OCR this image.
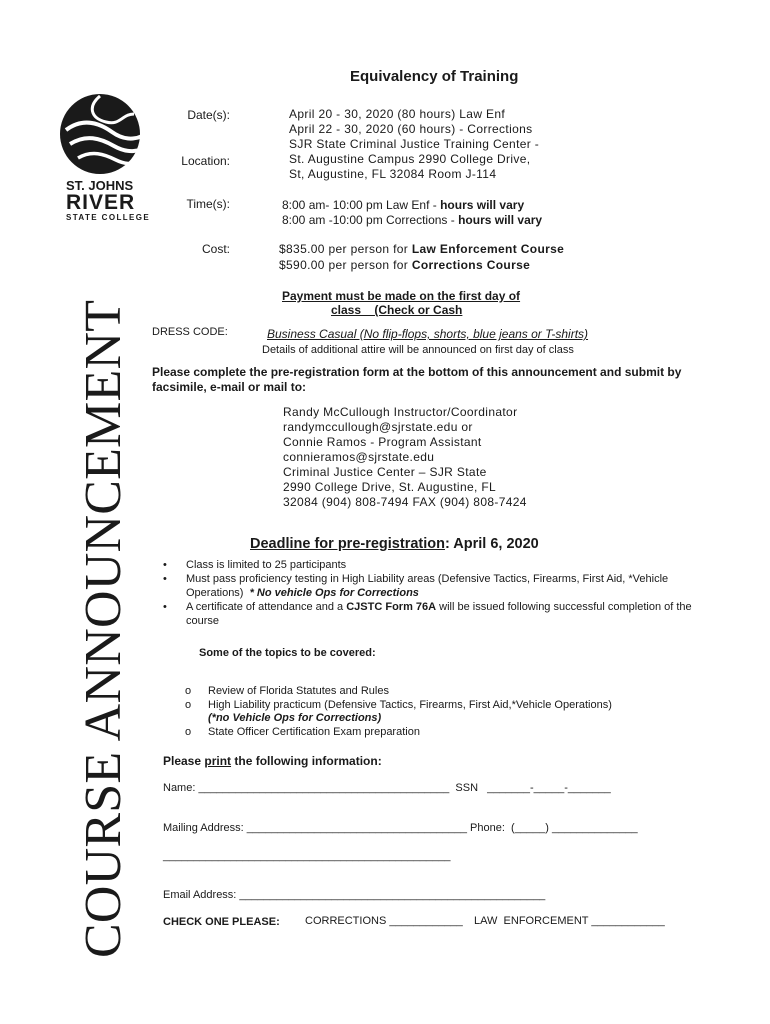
ST. JOHNS
RIVER
STATE COLLEGE
COURSE ANNOUNCEMENT
Equivalency of Training
Date(s):	April 20 - 30, 2020 (80 hours) Law Enf
April 22 - 30, 2020 (60 hours) - Corrections
SJR State Criminal Justice Training Center -
Location:	St. Augustine Campus 2990 College Drive,
St, Augustine, FL 32084 Room J-114
Time(s):	8:00 am- 10:00 pm Law Enf - hours will vary
8:00 am -10:00 pm Corrections - hours will vary
Cost:	$835.00 per person for Law Enforcement Course
$590.00 per person for Corrections Course
Payment must be made on the first day of
class    (Check or Cash
DRESS CODE:	Business Casual (No flip-flops, shorts, blue jeans or T-shirts)
Details of additional attire will be announced on first day of class
Please complete the pre-registration form at the bottom of this announcement and submit by
facsimile, e-mail or mail to:
Randy McCullough Instructor/Coordinator
randymccullough@sjrstate.edu or
Connie Ramos - Program Assistant
connieramos@sjrstate.edu
Criminal Justice Center – SJR State
2990 College Drive, St. Augustine, FL
32084 (904) 808-7494 FAX (904) 808-7424
Deadline for pre-registration: April 6, 2020
• Class is limited to 25 participants
• Must pass proficiency testing in High Liability areas (Defensive Tactics, Firearms, First Aid, *Vehicle
Operations)  * No vehicle Ops for Corrections
• A certificate of attendance and a CJSTC Form 76A will be issued following successful completion of the
course
Some of the topics to be covered:
o Review of Florida Statutes and Rules
o High Liability practicum (Defensive Tactics, Firearms, First Aid,*Vehicle Operations)
(*no Vehicle Ops for Corrections)
o State Officer Certification Exam preparation
Please print the following information:
Name: _________________________________________  SSN   _______-_____-_______
Mailing Address: ____________________________________ Phone:  (_____) ______________
_______________________________________________
Email Address: __________________________________________________
CHECK ONE PLEASE: CORRECTIONS ____________ LAW  ENFORCEMENT ____________
